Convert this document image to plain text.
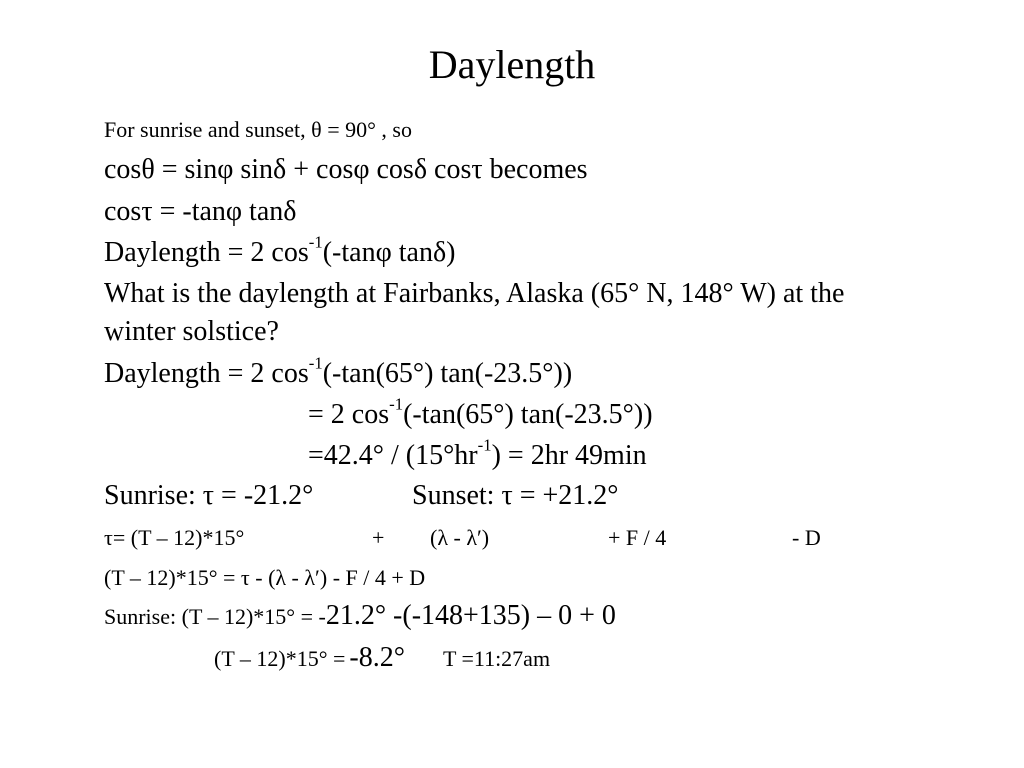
Daylength
For sunrise and sunset, θ = 90° , so
cosθ = sinφ sinδ + cosφ cosδ cosτ becomes
cosτ = -tanφ tanδ
Daylength = 2 $\cos^{-1}$(-tanφ tanδ)
What is the daylength at Fairbanks, Alaska (65° N, 148° W) at the
winter solstice?
Daylength = 2 $\cos^{-1}(-\tan(65^\circ)$ tan(-23.5°))
= 2 $\cos^{-1}(-\tan(65^\circ)$ tan(-23.5°))
$=42.4^\circ / (15^\circ hr^{-1}) = 2hr$ 49min
Sunrise: τ = -21.2°	Sunset: τ = +21.2°
τ= (T – 12)*15°	+ (λ - λ′)	+ F / 4	- D
(T – 12)*15° = τ - (λ - λ′) - F / 4 + D
Sunrise: (T – 12)*15° = -21.2° -(-148+135) – 0 + 0
(T – 12)*15° = -8.2° T =11:27am
